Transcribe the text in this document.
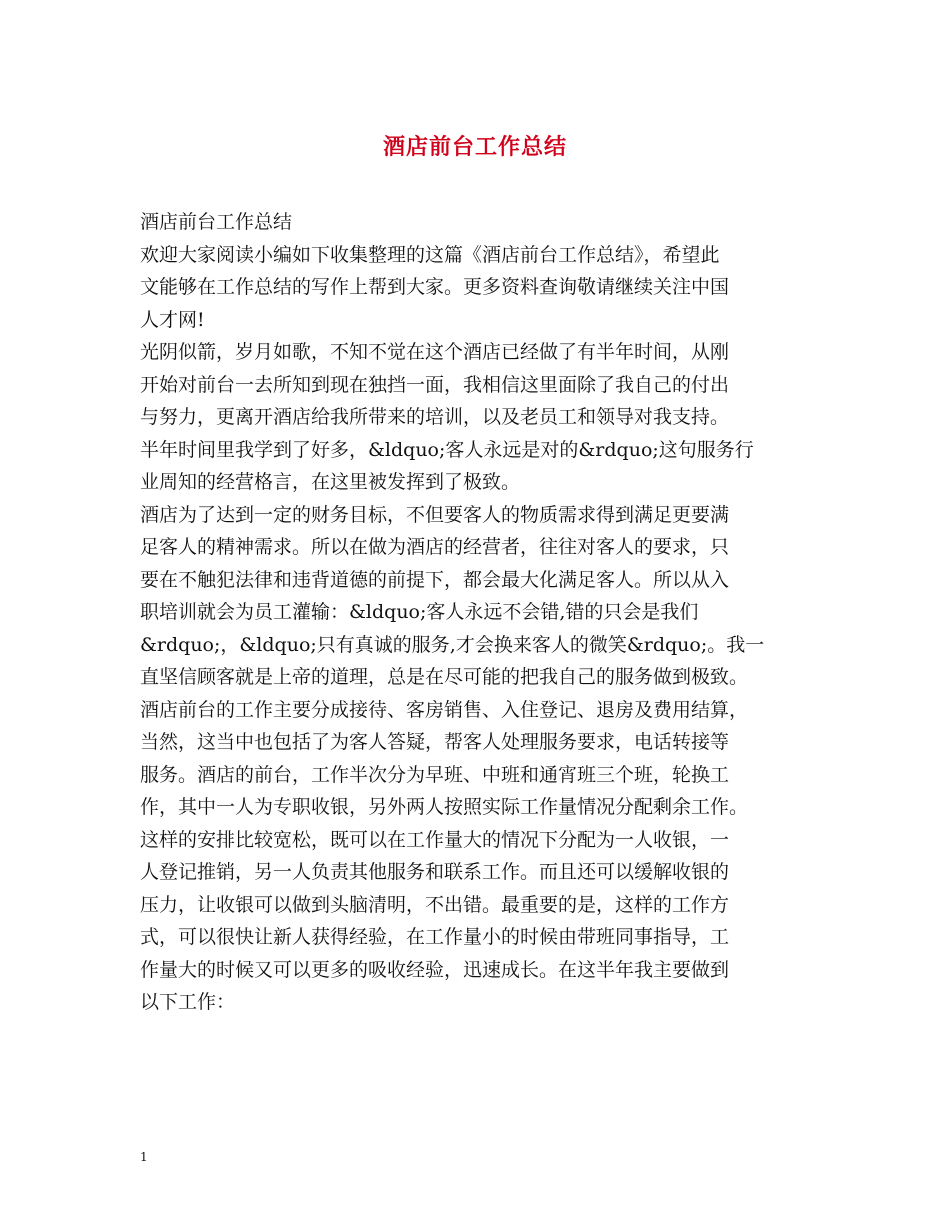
酒店前台工作总结

酒店前台工作总结

欢迎大家阅读小编如下收集整理的这篇《酒店前台工作总结》，希望此
文能够在工作总结的写作上帮到大家。更多资料查询敬请继续关注中国
人才网!

光阴似箭，岁月如歌，不知不觉在这个酒店已经做了有半年时间，从刚
开始对前台一去所知到现在独挡一面，我相信这里面除了我自己的付出
与努力，更离开酒店给我所带来的培训，以及老员工和领导对我支持。
半年时间里我学到了好多，&ldquo;客人永远是对的&rdquo;这句服务行
业周知的经营格言，在这里被发挥到了极致。

酒店为了达到一定的财务目标，不但要客人的物质需求得到满足更要满
足客人的精神需求。所以在做为酒店的经营者，往往对客人的要求，只
要在不触犯法律和违背道德的前提下，都会最大化满足客人。所以从入
职培训就会为员工灌输：&ldquo;客人永远不会错,错的只会是我们
&rdquo;，&ldquo;只有真诚的服务,才会换来客人的微笑&rdquo;。我一
直坚信顾客就是上帝的道理，总是在尽可能的把我自己的服务做到极致。

酒店前台的工作主要分成接待、客房销售、入住登记、退房及费用结算，
当然，这当中也包括了为客人答疑，帮客人处理服务要求，电话转接等
服务。酒店的前台，工作半次分为早班、中班和通宵班三个班，轮换工
作，其中一人为专职收银，另外两人按照实际工作量情况分配剩余工作。
这样的安排比较宽松，既可以在工作量大的情况下分配为一人收银，一
人登记推销，另一人负责其他服务和联系工作。而且还可以缓解收银的
压力，让收银可以做到头脑清明，不出错。最重要的是，这样的工作方
式，可以很快让新人获得经验，在工作量小的时候由带班同事指导，工
作量大的时候又可以更多的吸收经验，迅速成长。在这半年我主要做到
以下工作：

1
